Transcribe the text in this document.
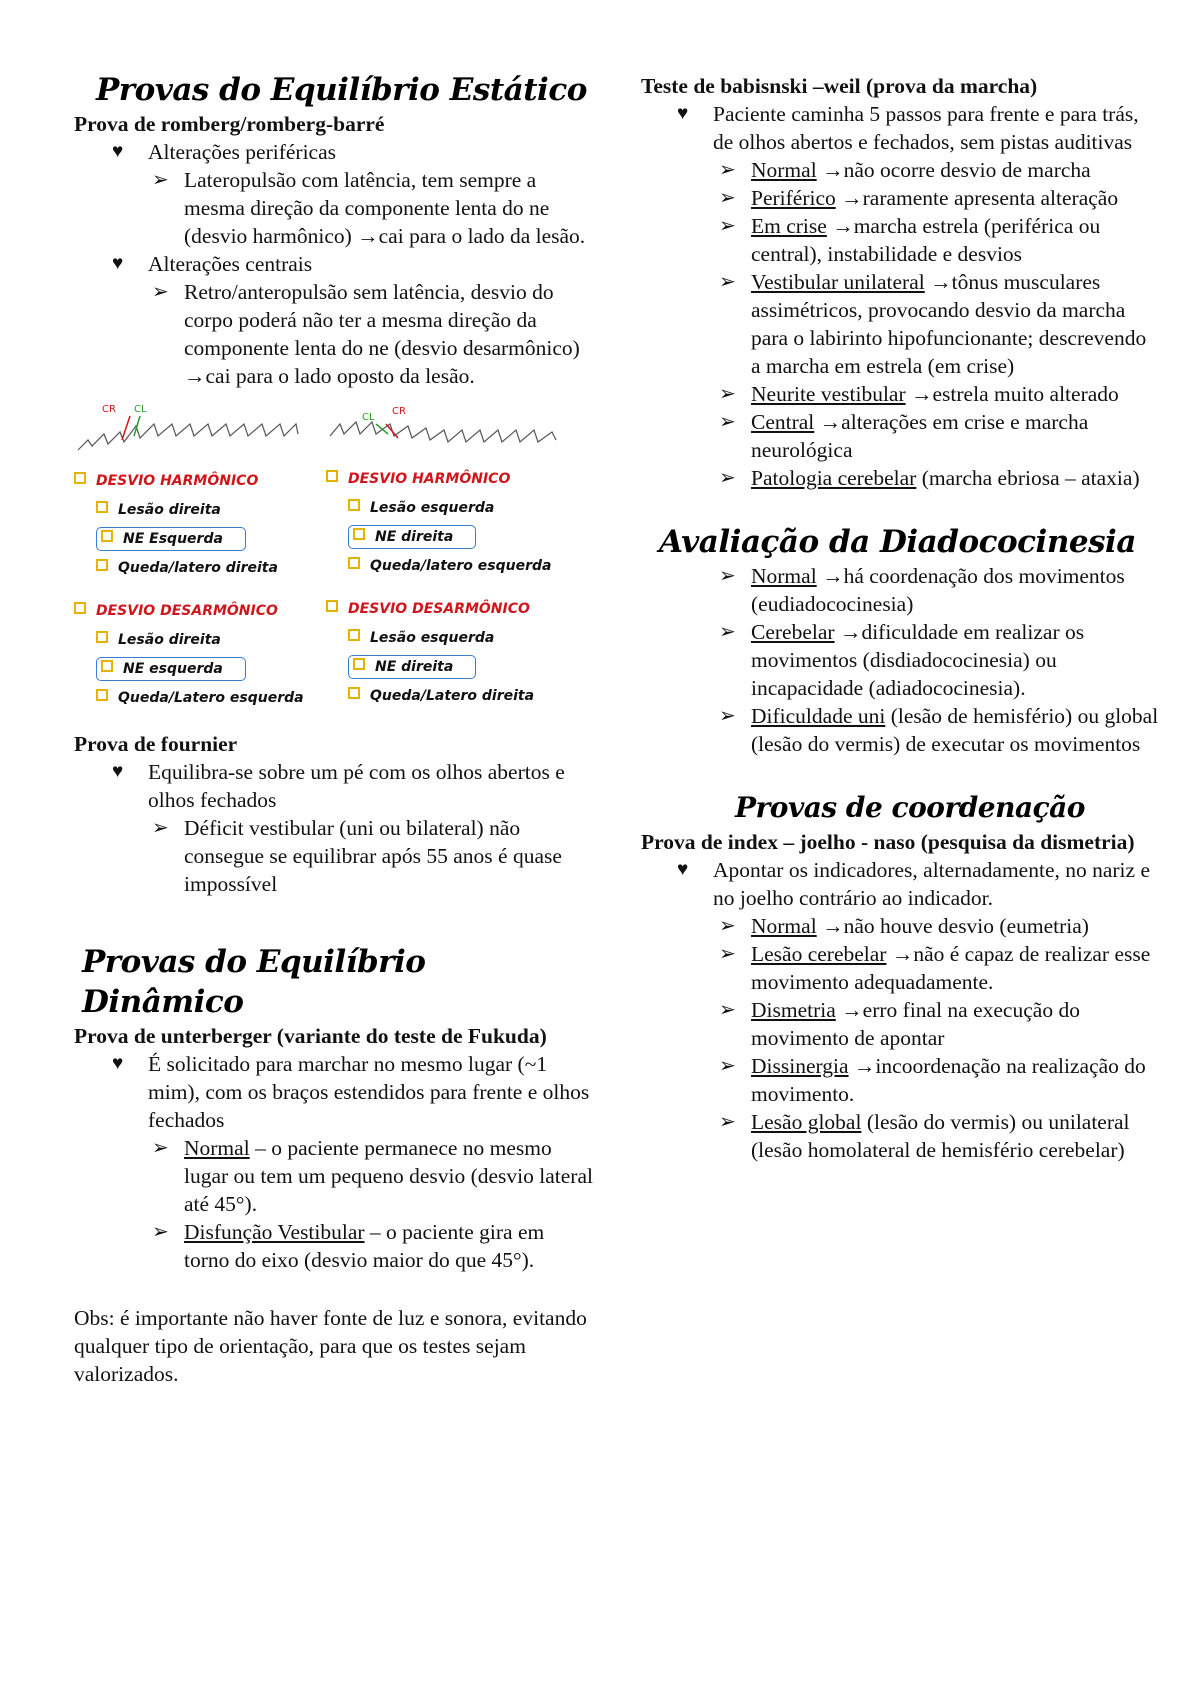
Provas do Equilíbrio Estático
Prova de romberg/romberg-barré
♥	Alterações periféricas
➢ Lateropulsão com latência, tem sempre a mesma direção da componente lenta do ne (desvio harmônico) →cai para o lado da lesão.
♥	Alterações centrais
➢ Retro/anteropulsão sem latência, desvio do corpo poderá não ter a mesma direção da componente lenta do ne (desvio desarmônico) →cai para o lado oposto da lesão.
CR CL
DESVIO HARMÔNICO
Lesão direita
NE Esquerda
Queda/latero direita
DESVIO DESARMÔNICO
Lesão direita
NE esquerda
Queda/Latero esquerda
CL
CR
DESVIO HARMÔNICO
Lesão esquerda
NE direita
Queda/latero esquerda
DESVIO DESARMÔNICO
Lesão esquerda
NE direita
Queda/Latero direita
Prova de fournier
♥	Equilibra-se sobre um pé com os olhos abertos e olhos fechados
➢ Déficit vestibular (uni ou bilateral) não consegue se equilibrar após 55 anos é quase impossível
Provas do Equilíbrio Dinâmico
Prova de unterberger (variante do teste de Fukuda)
♥	É solicitado para marchar no mesmo lugar (~1 mim), com os braços estendidos para frente e olhos fechados
➢ Normal – o paciente permanece no mesmo lugar ou tem um pequeno desvio (desvio lateral até 45°).
➢ Disfunção Vestibular – o paciente gira em torno do eixo (desvio maior do que 45°).
Obs: é importante não haver fonte de luz e sonora, evitando qualquer tipo de orientação, para que os testes sejam valorizados.
Teste de babisnski –weil (prova da marcha)
♥	Paciente caminha 5 passos para frente e para trás, de olhos abertos e fechados, sem pistas auditivas
➢ Normal →não ocorre desvio de marcha
➢ Periférico →raramente apresenta alteração
➢ Em crise →marcha estrela (periférica ou central), instabilidade e desvios
➢ Vestibular unilateral →tônus musculares assimétricos, provocando desvio da marcha para o labirinto hipofuncionante; descrevendo a marcha em estrela (em crise)
➢ Neurite vestibular →estrela muito alterado
➢ Central →alterações em crise e marcha neurológica
➢ Patologia cerebelar (marcha ebriosa – ataxia)
Avaliação da Diadococinesia
➢ Normal →há coordenação dos movimentos (eudiadococinesia)
➢ Cerebelar →dificuldade em realizar os movimentos (disdiadococinesia) ou incapacidade (adiadococinesia).
➢ Dificuldade uni (lesão de hemisfério) ou global (lesão do vermis) de executar os movimentos
Provas de coordenação
Prova de index – joelho - naso (pesquisa da dismetria)
♥	Apontar os indicadores, alternadamente, no nariz e no joelho contrário ao indicador.
➢ Normal →não houve desvio (eumetria)
➢ Lesão cerebelar →não é capaz de realizar esse movimento adequadamente.
➢ Dismetria →erro final na execução do movimento de apontar
➢ Dissinergia →incoordenação na realização do movimento.
➢ Lesão global (lesão do vermis) ou unilateral (lesão homolateral de hemisfério cerebelar)
